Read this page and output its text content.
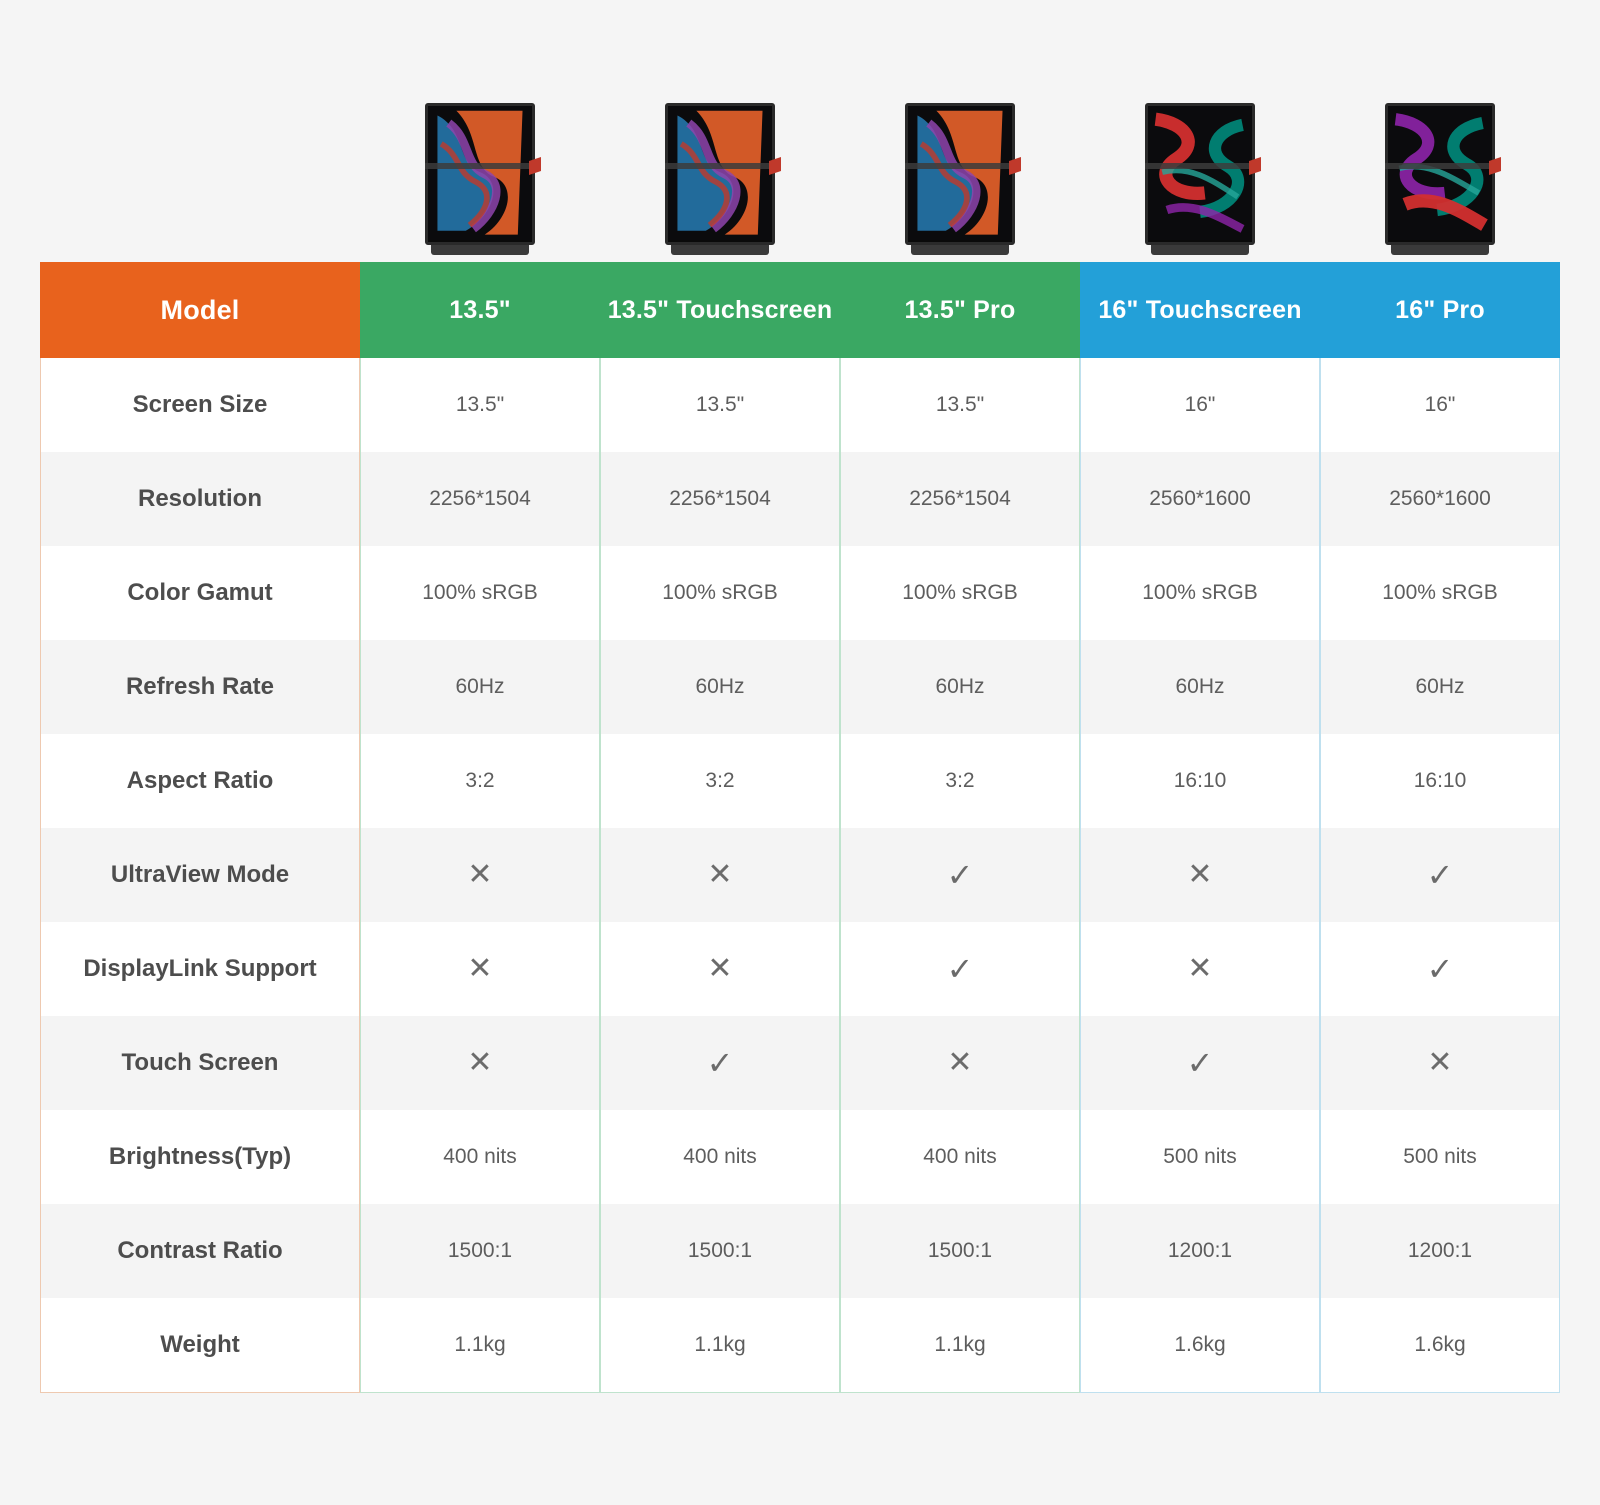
Model	13.5"	13.5" Touchscreen	13.5" Pro	16" Touchscreen	16" Pro
Screen Size	13.5"	13.5"	13.5"	16"	16"
Resolution	2256*1504	2256*1504	2256*1504	2560*1600	2560*1600
Color Gamut	100% sRGB	100% sRGB	100% sRGB	100% sRGB	100% sRGB
Refresh Rate	60Hz	60Hz	60Hz	60Hz	60Hz
Aspect Ratio	3:2	3:2	3:2	16:10	16:10
UltraView Mode	✕	✕	✓	✕	✓
DisplayLink Support	✕	✕	✓	✕	✓
Touch Screen	✕	✓	✕	✓	✕
Brightness(Typ)	400 nits	400 nits	400 nits	500 nits	500 nits
Contrast Ratio	1500:1	1500:1	1500:1	1200:1	1200:1
Weight	1.1kg	1.1kg	1.1kg	1.6kg	1.6kg
